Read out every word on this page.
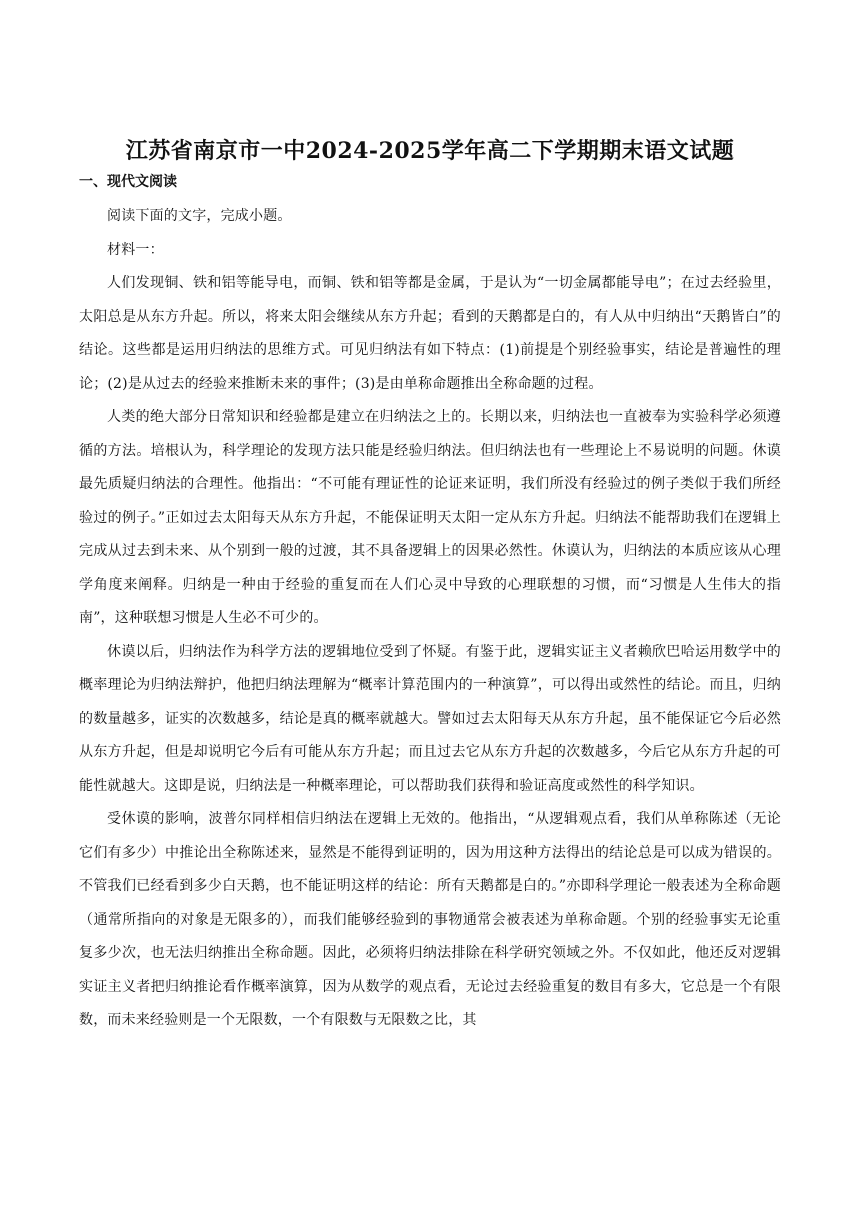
江苏省南京市一中2024-2025学年高二下学期期末语文试题
一、现代文阅读

阅读下面的文字，完成小题。

材料一：

人们发现铜、铁和铝等能导电，而铜、铁和铝等都是金属，于是认为“一切金属都能导电”；在过去经验里，太阳总是从东方升起。所以，将来太阳会继续从东方升起；看到的天鹅都是白的，有人从中归纳出“天鹅皆白”的结论。这些都是运用归纳法的思维方式。可见归纳法有如下特点：(1)前提是个别经验事实，结论是普遍性的理论；(2)是从过去的经验来推断未来的事件；(3)是由单称命题推出全称命题的过程。

人类的绝大部分日常知识和经验都是建立在归纳法之上的。长期以来，归纳法也一直被奉为实验科学必须遵循的方法。培根认为，科学理论的发现方法只能是经验归纳法。但归纳法也有一些理论上不易说明的问题。休谟最先质疑归纳法的合理性。他指出：“不可能有理证性的论证来证明，我们所没有经验过的例子类似于我们所经验过的例子。”正如过去太阳每天从东方升起，不能保证明天太阳一定从东方升起。归纳法不能帮助我们在逻辑上完成从过去到未来、从个别到一般的过渡，其不具备逻辑上的因果必然性。休谟认为，归纳法的本质应该从心理学角度来阐释。归纳是一种由于经验的重复而在人们心灵中导致的心理联想的习惯，而“习惯是人生伟大的指南”，这种联想习惯是人生必不可少的。

休谟以后，归纳法作为科学方法的逻辑地位受到了怀疑。有鉴于此，逻辑实证主义者赖欣巴哈运用数学中的概率理论为归纳法辩护，他把归纳法理解为“概率计算范围内的一种演算”，可以得出或然性的结论。而且，归纳的数量越多，证实的次数越多，结论是真的概率就越大。譬如过去太阳每天从东方升起，虽不能保证它今后必然从东方升起，但是却说明它今后有可能从东方升起；而且过去它从东方升起的次数越多，今后它从东方升起的可能性就越大。这即是说，归纳法是一种概率理论，可以帮助我们获得和验证高度或然性的科学知识。

受休谟的影响，波普尔同样相信归纳法在逻辑上无效的。他指出，“从逻辑观点看，我们从单称陈述（无论它们有多少）中推论出全称陈述来，显然是不能得到证明的，因为用这种方法得出的结论总是可以成为错误的。不管我们已经看到多少白天鹅，也不能证明这样的结论：所有天鹅都是白的。”亦即科学理论一般表述为全称命题（通常所指向的对象是无限多的），而我们能够经验到的事物通常会被表述为单称命题。个别的经验事实无论重复多少次，也无法归纳推出全称命题。因此，必须将归纳法排除在科学研究领域之外。不仅如此，他还反对逻辑实证主义者把归纳推论看作概率演算，因为从数学的观点看，无论过去经验重复的数目有多大，它总是一个有限数，而未来经验则是一个无限数，一个有限数与无限数之比，其
